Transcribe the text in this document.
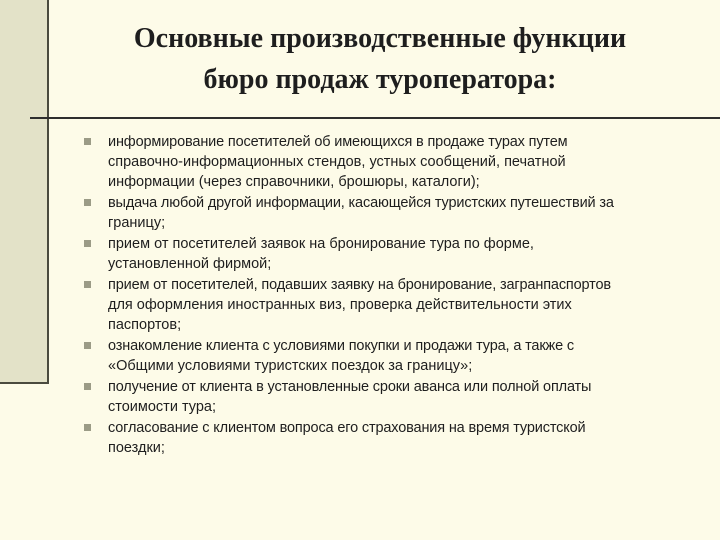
Основные производственные функции
бюро продаж туроператора:
информирование посетителей об имеющихся в продаже турах путем
справочно-информационных стендов, устных сообщений, печатной
информации (через справочники, брошюры, каталоги);
выдача любой другой информации, касающейся туристских путешествий за
границу;
прием от посетителей заявок на бронирование тура по форме,
установленной фирмой;
прием от посетителей, подавших заявку на бронирование, загранпаспортов
для оформления иностранных виз, проверка действительности этих
паспортов;
ознакомление клиента с условиями покупки и продажи тура, а также с
«Общими условиями туристских поездок за границу»;
получение от клиента в установленные сроки аванса или полной оплаты
стоимости тура;
согласование с клиентом вопроса его страхования на время туристской
поездки;
